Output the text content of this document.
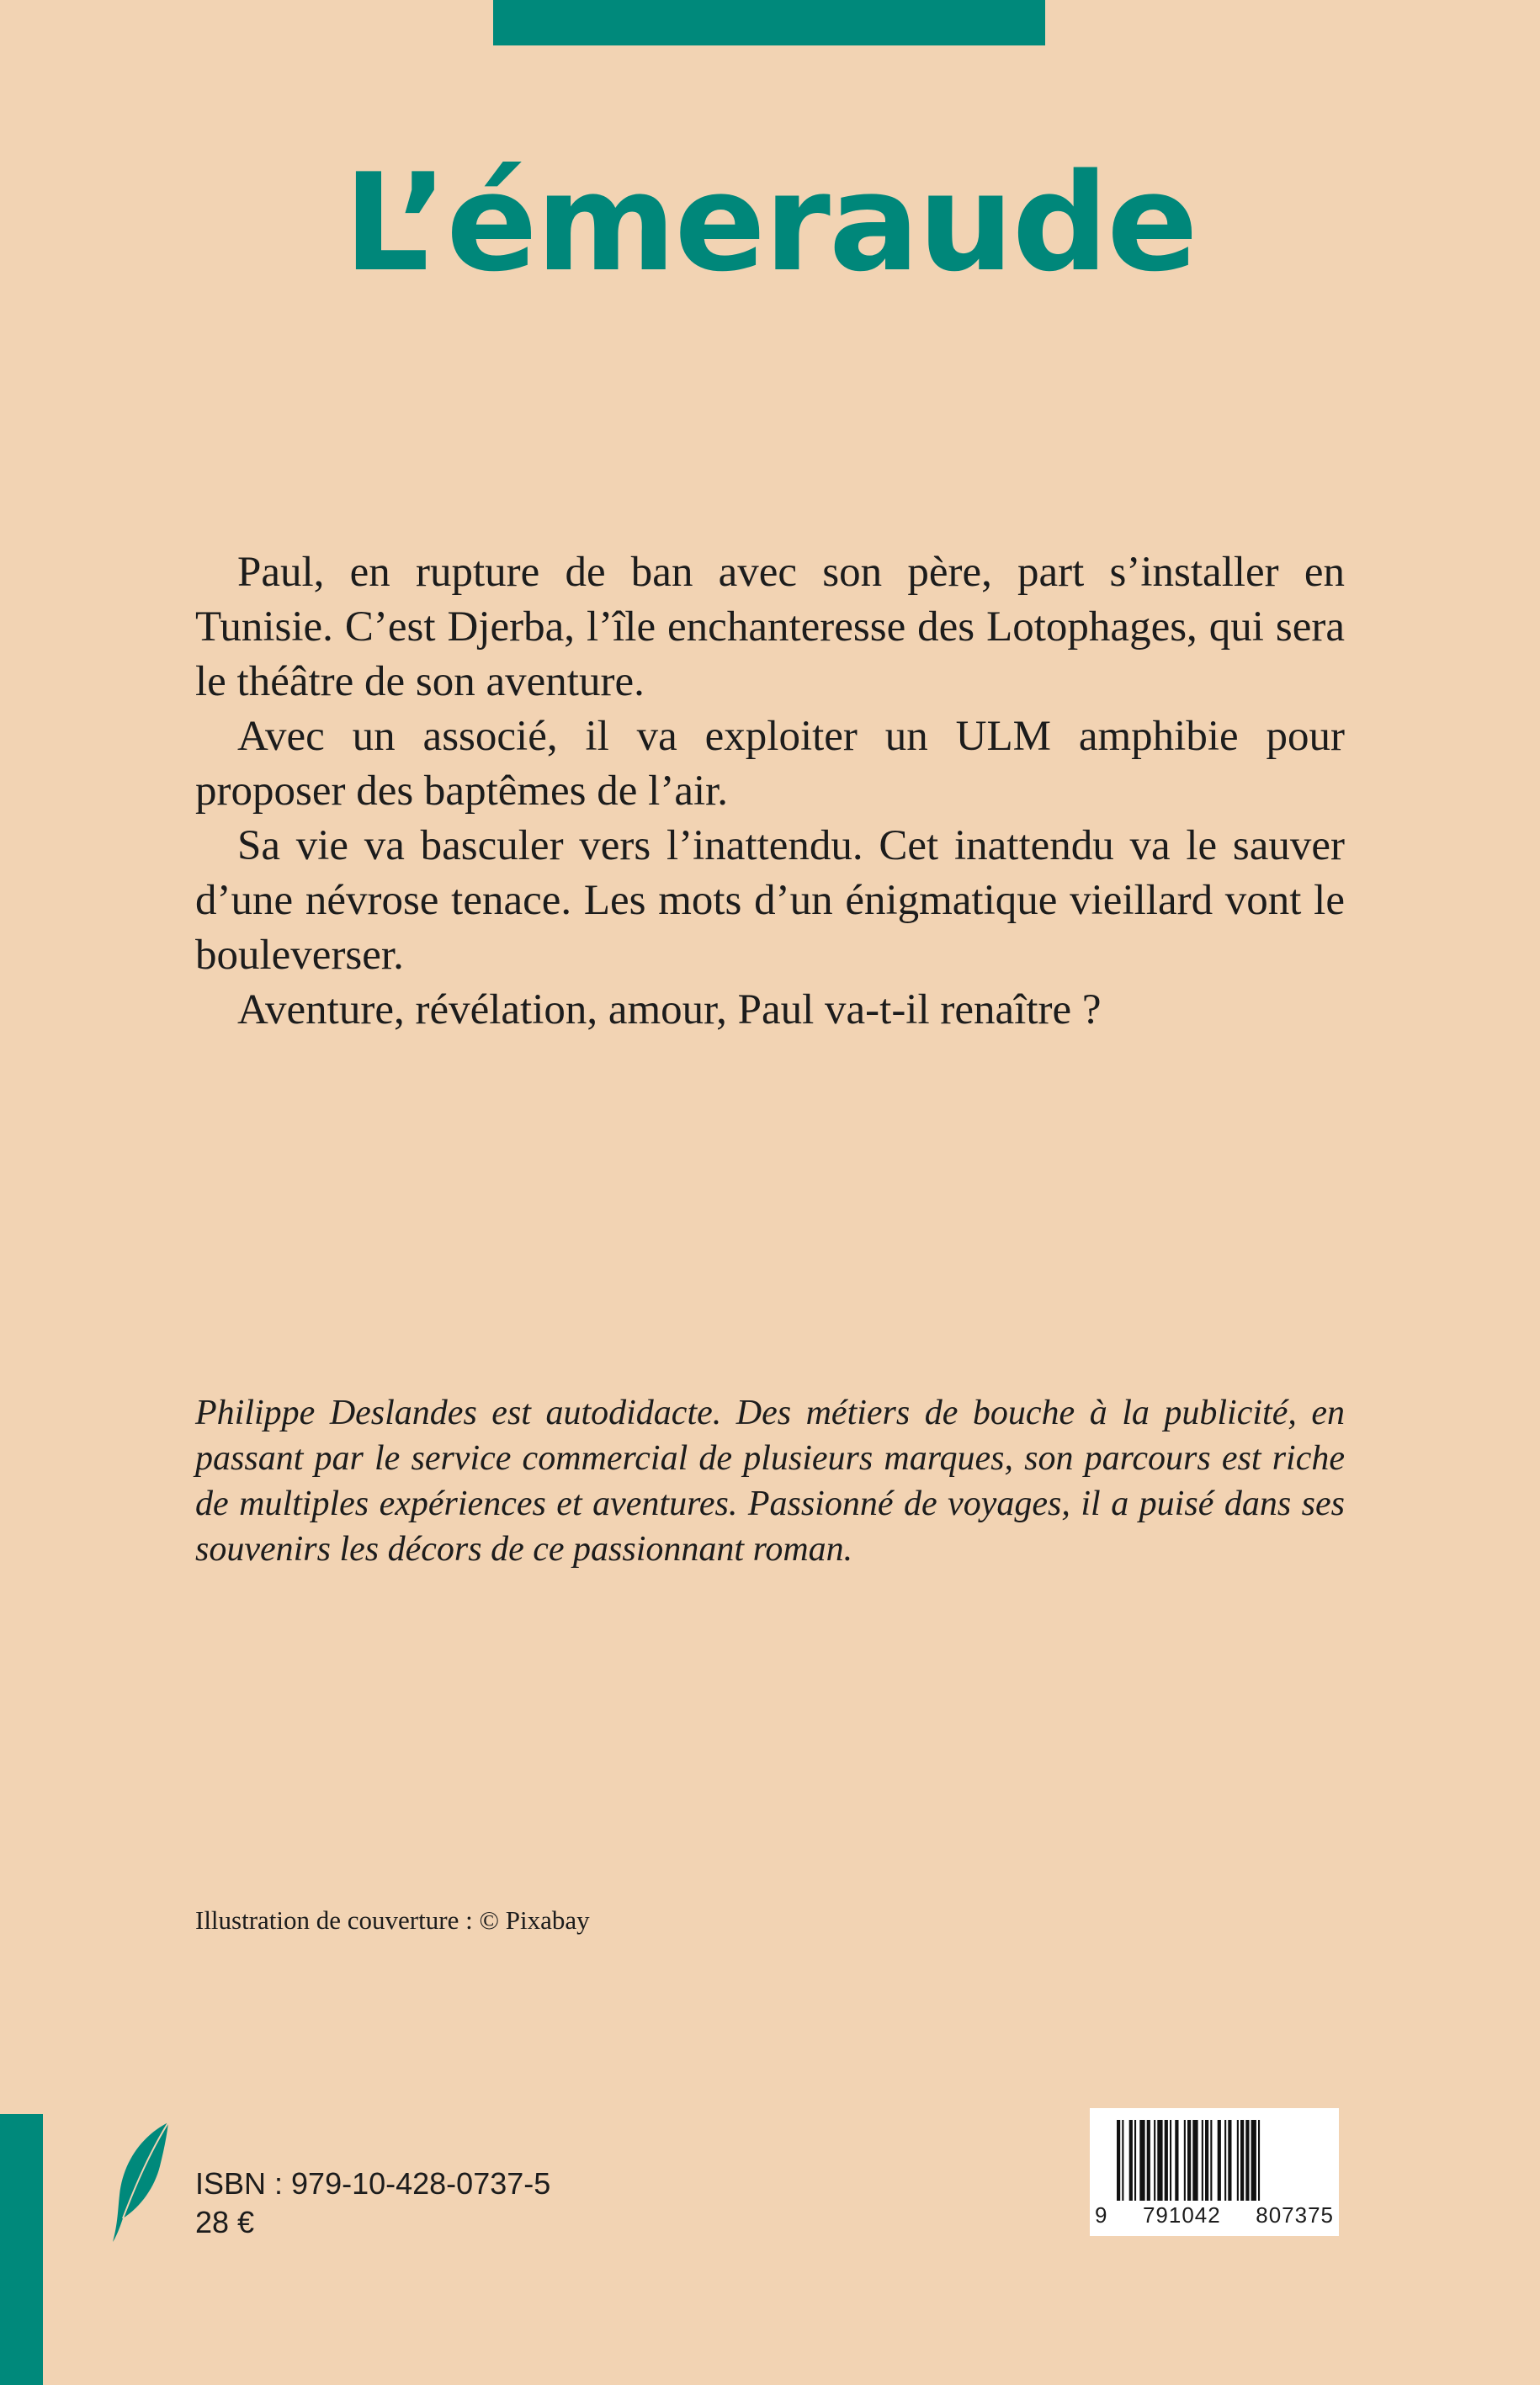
L’émeraude

Paul, en rupture de ban avec son père, part s’installer en Tunisie. C’est Djerba, l’île enchanteresse des Lotophages, qui sera le théâtre de son aventure.

Avec un associé, il va exploiter un ULM amphibie pour proposer des baptêmes de l’air.

Sa vie va basculer vers l’inattendu. Cet inattendu va le sauver d’une névrose tenace. Les mots d’un énigmatique vieillard vont le bouleverser.

Aventure, révélation, amour, Paul va-t-il renaître ?

Philippe Deslandes est autodidacte. Des métiers de bouche à la publicité, en passant par le service commercial de plusieurs marques, son parcours est riche de multiples expériences et aventures. Passionné de voyages, il a puisé dans ses souvenirs les décors de ce passionnant roman.
Illustration de couverture : © Pixabay
ISBN : 979-10-428-0737-5
28 €	9 791042 807375
